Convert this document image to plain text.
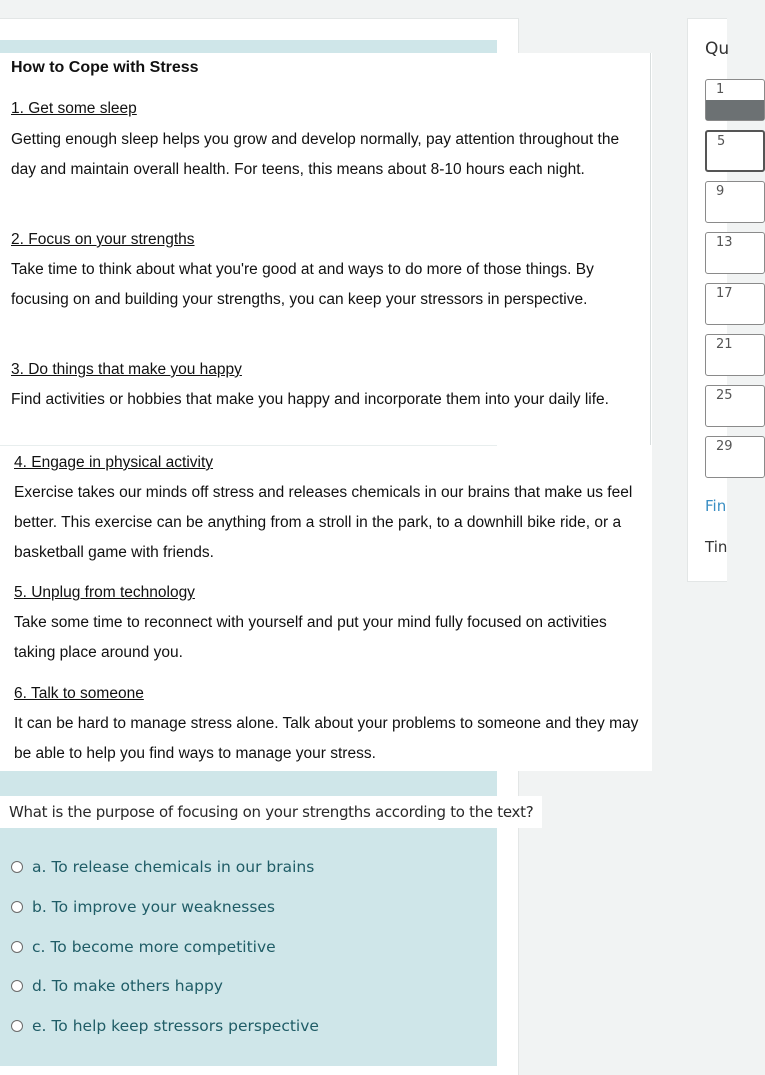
How to Cope with Stress
1. Get some sleep
Getting enough sleep helps you grow and develop normally, pay attention throughout the day and maintain overall health. For teens, this means about 8-10 hours each night.
2. Focus on your strengths
Take time to think about what you're good at and ways to do more of those things. By focusing on and building your strengths, you can keep your stressors in perspective.
3. Do things that make you happy
Find activities or hobbies that make you happy and incorporate them into your daily life.
4. Engage in physical activity
Exercise takes our minds off stress and releases chemicals in our brains that make us feel better. This exercise can be anything from a stroll in the park, to a downhill bike ride, or a basketball game with friends.
5. Unplug from technology
Take some time to reconnect with yourself and put your mind fully focused on activities taking place around you.
6. Talk to someone
It can be hard to manage stress alone. Talk about your problems to someone and they may be able to help you find ways to manage your stress.
What is the purpose of focusing on your strengths according to the text?
a. To release chemicals in our brains
b. To improve your weaknesses
c. To become more competitive
d. To make others happy
e. To help keep stressors perspective
Qu
1
5
9
13
17
21
25
29
Fin
Tin
